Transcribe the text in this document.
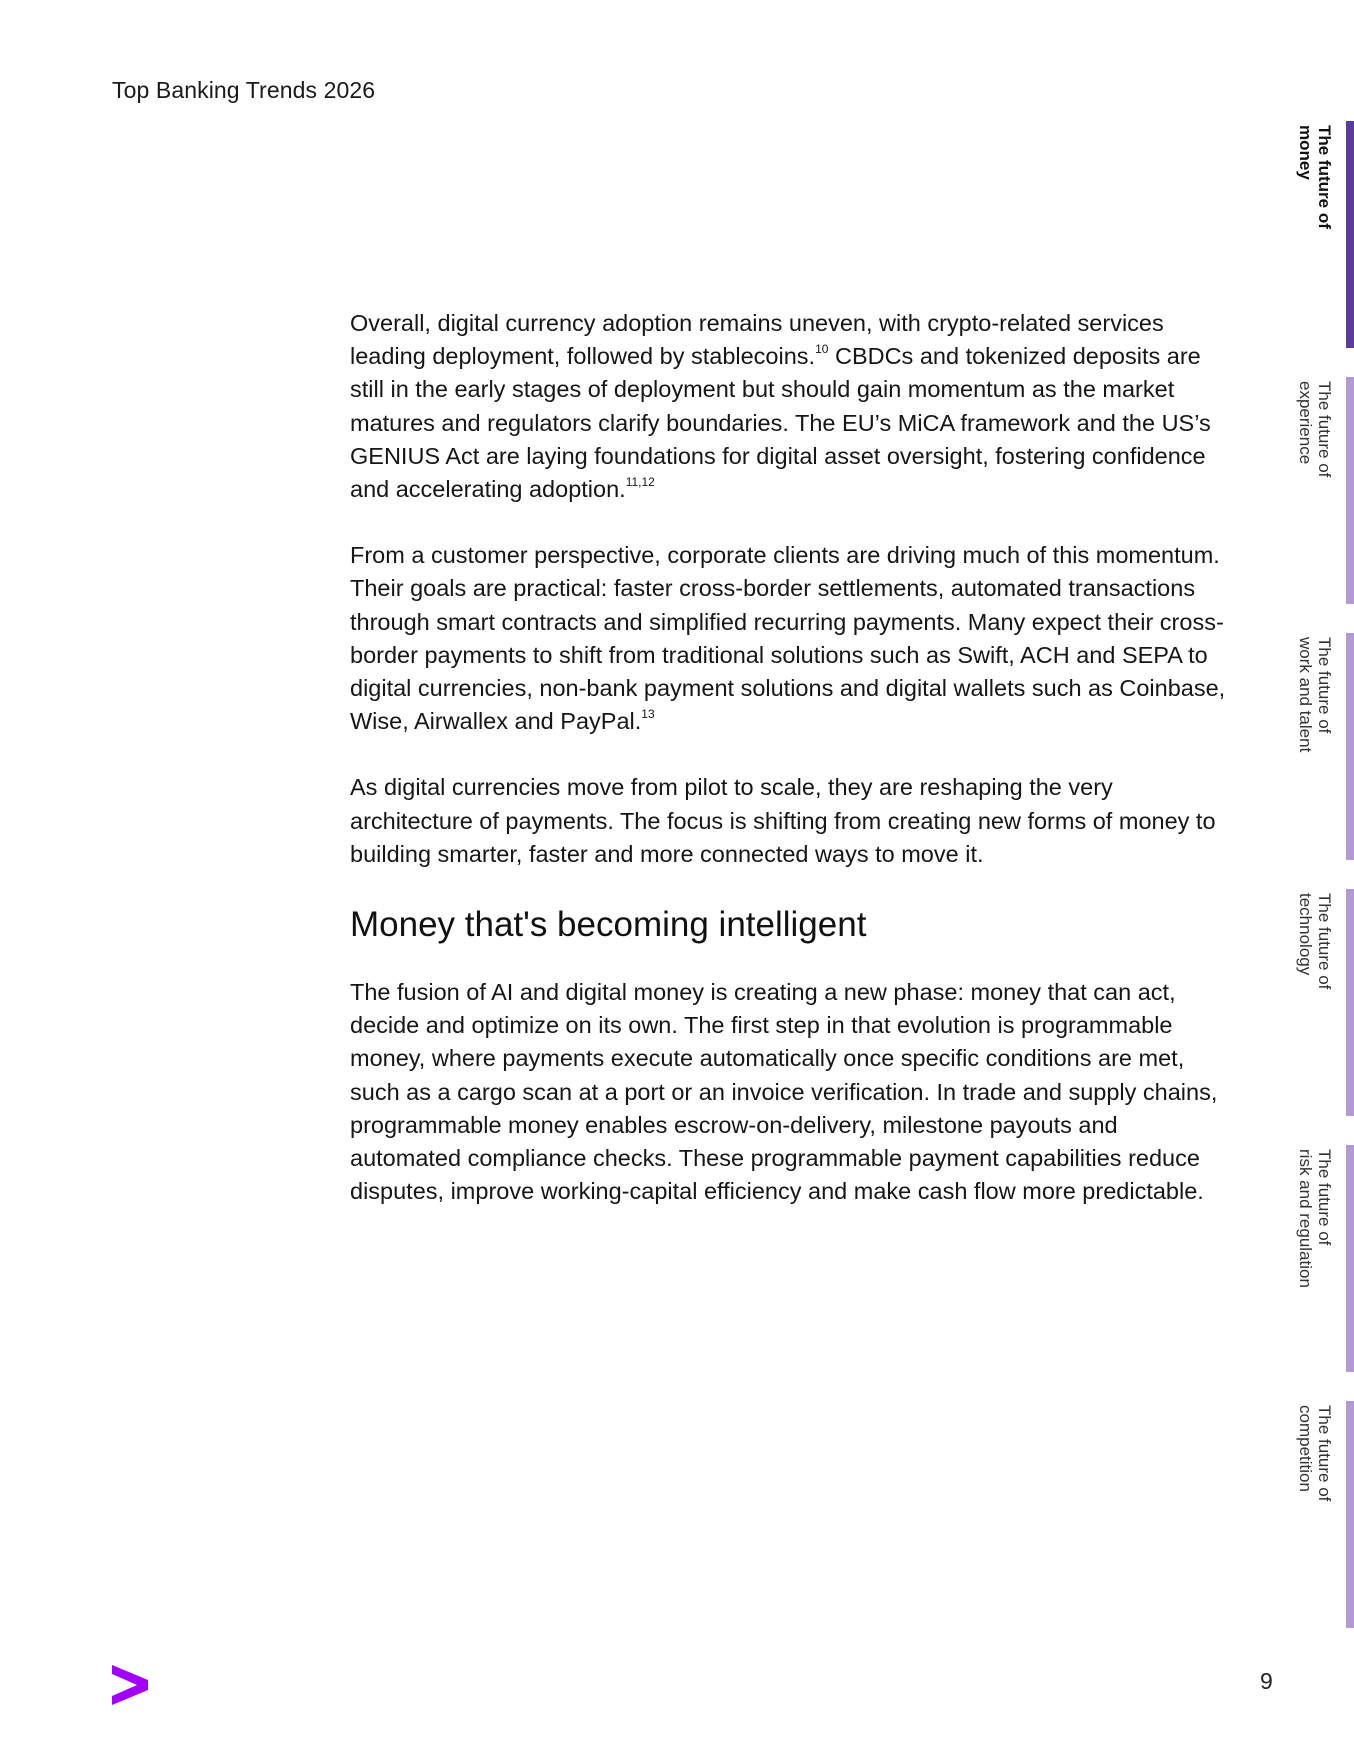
Top Banking Trends 2026

Overall, digital currency adoption remains uneven, with crypto-related services leading deployment, followed by stablecoins.$^{10}$ CBDCs and tokenized deposits are still in the early stages of deployment but should gain momentum as the market matures and regulators clarify boundaries. The EU’s MiCA framework and the US’s GENIUS Act are laying foundations for digital asset oversight, fostering confidence and accelerating adoption.$^{11,12}$

From a customer perspective, corporate clients are driving much of this momentum. Their goals are practical: faster cross-border settlements, automated transactions through smart contracts and simplified recurring payments. Many expect their cross-border payments to shift from traditional solutions such as Swift, ACH and SEPA to digital currencies, non-bank payment solutions and digital wallets such as Coinbase, Wise, Airwallex and PayPal.$^{13}$

As digital currencies move from pilot to scale, they are reshaping the very architecture of payments. The focus is shifting from creating new forms of money to building smarter, faster and more connected ways to move it.

Money that's becoming intelligent

The fusion of AI and digital money is creating a new phase: money that can act, decide and optimize on its own. The first step in that evolution is programmable money, where payments execute automatically once specific conditions are met, such as a cargo scan at a port or an invoice verification. In trade and supply chains, programmable money enables escrow-on-delivery, milestone payouts and automated compliance checks. These programmable payment capabilities reduce disputes, improve working-capital efficiency and make cash flow more predictable.

The future of
money
The future of
experience
The future of
work and talent
The future of
technology
The future of
risk and regulation
The future of
competition
9
